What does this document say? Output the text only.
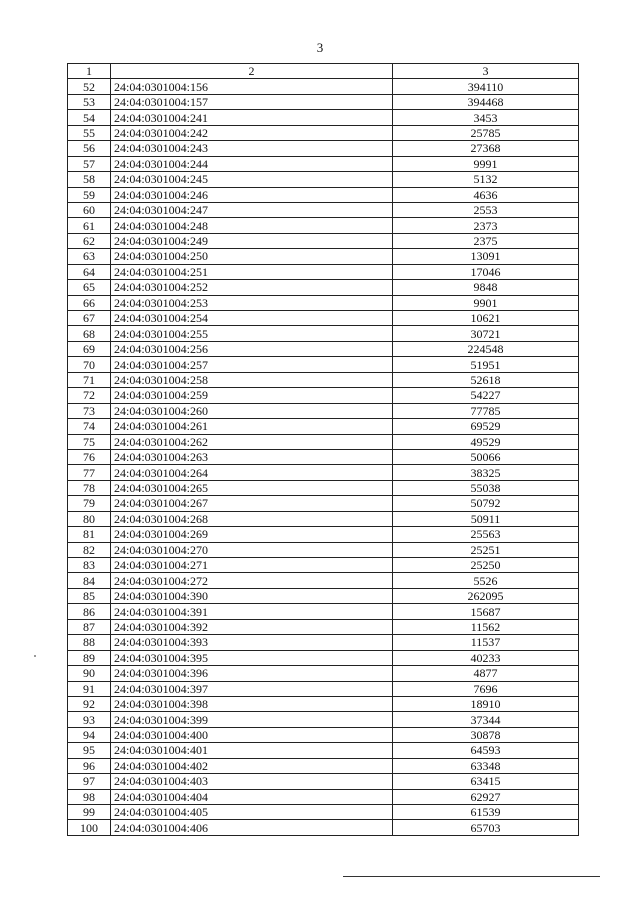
3
1	2	3
52	24:04:0301004:156	394110
53	24:04:0301004:157	394468
54	24:04:0301004:241	3453
55	24:04:0301004:242	25785
56	24:04:0301004:243	27368
57	24:04:0301004:244	9991
58	24:04:0301004:245	5132
59	24:04:0301004:246	4636
60	24:04:0301004:247	2553
61	24:04:0301004:248	2373
62	24:04:0301004:249	2375
63	24:04:0301004:250	13091
64	24:04:0301004:251	17046
65	24:04:0301004:252	9848
66	24:04:0301004:253	9901
67	24:04:0301004:254	10621
68	24:04:0301004:255	30721
69	24:04:0301004:256	224548
70	24:04:0301004:257	51951
71	24:04:0301004:258	52618
72	24:04:0301004:259	54227
73	24:04:0301004:260	77785
74	24:04:0301004:261	69529
75	24:04:0301004:262	49529
76	24:04:0301004:263	50066
77	24:04:0301004:264	38325
78	24:04:0301004:265	55038
79	24:04:0301004:267	50792
80	24:04:0301004:268	50911
81	24:04:0301004:269	25563
82	24:04:0301004:270	25251
83	24:04:0301004:271	25250
84	24:04:0301004:272	5526
85	24:04:0301004:390	262095
86	24:04:0301004:391	15687
87	24:04:0301004:392	11562
88	24:04:0301004:393	11537
89	24:04:0301004:395	40233
90	24:04:0301004:396	4877
91	24:04:0301004:397	7696
92	24:04:0301004:398	18910
93	24:04:0301004:399	37344
94	24:04:0301004:400	30878
95	24:04:0301004:401	64593
96	24:04:0301004:402	63348
97	24:04:0301004:403	63415
98	24:04:0301004:404	62927
99	24:04:0301004:405	61539
100	24:04:0301004:406	65703
